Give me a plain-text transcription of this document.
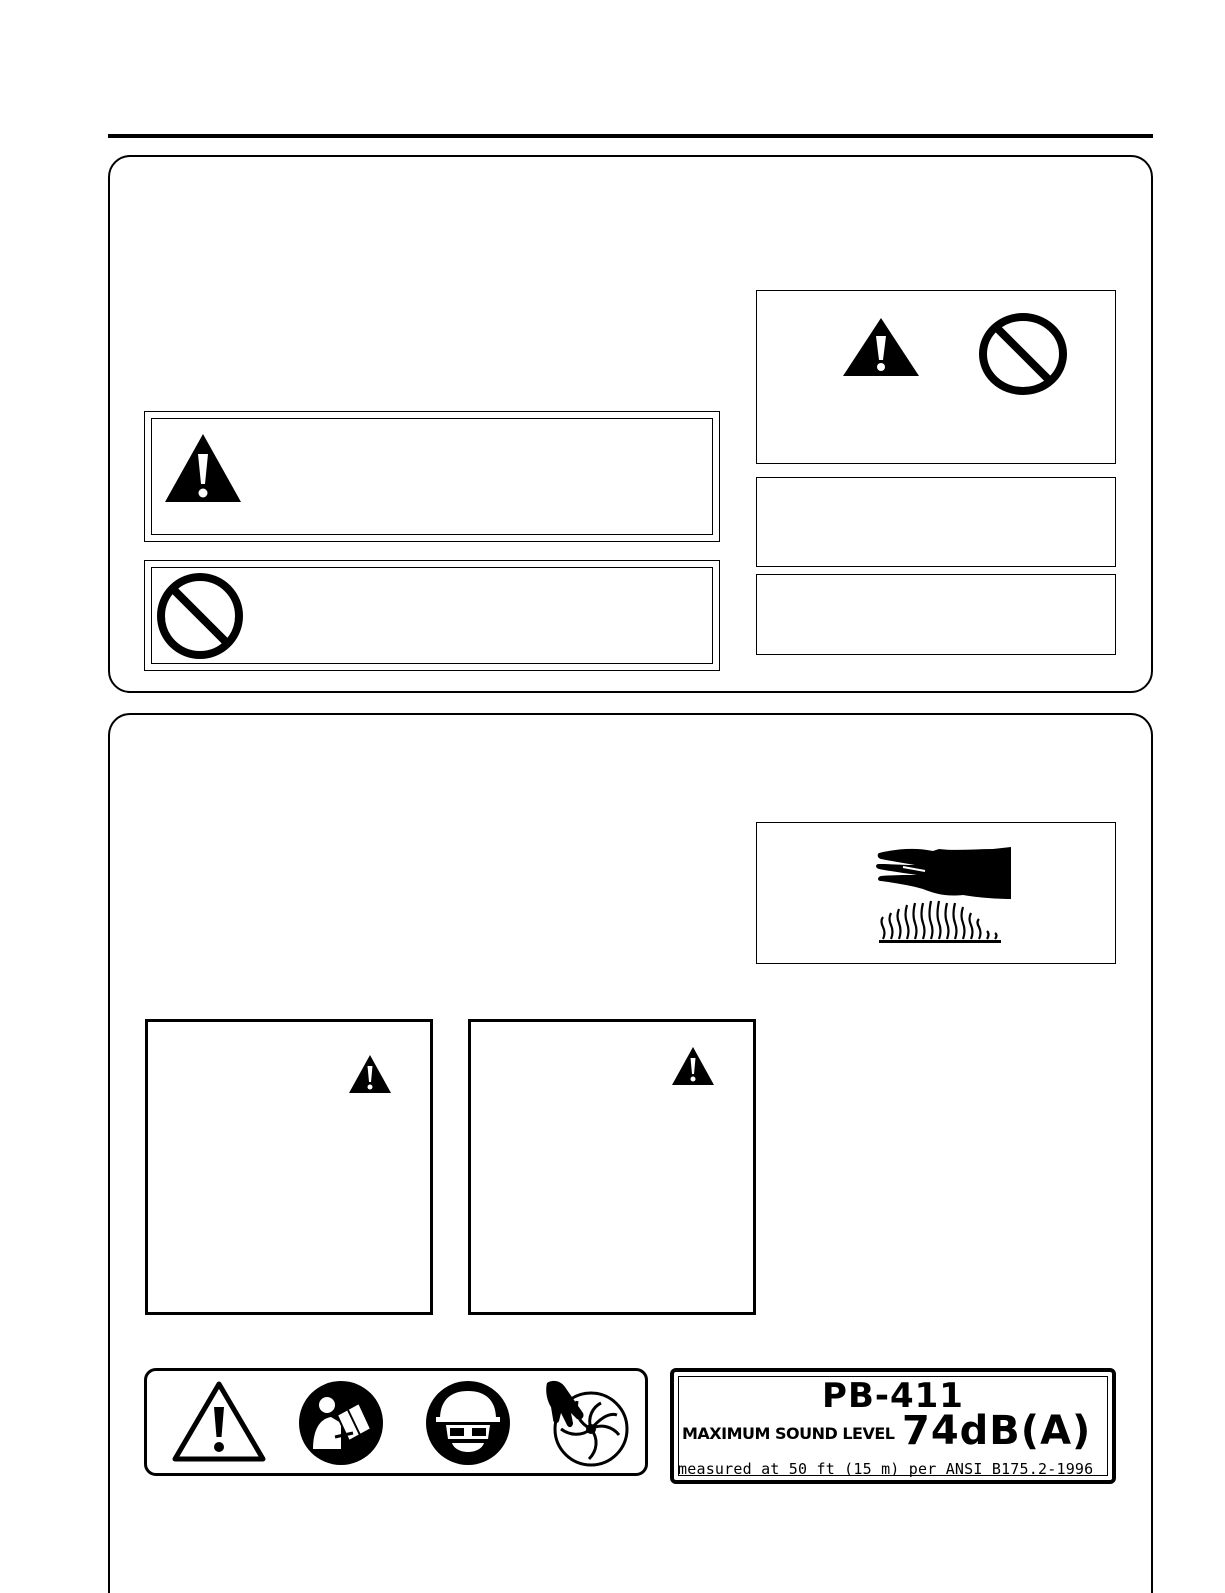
PB-411
MAXIMUM SOUND LEVEL 74dB(A)
measured at 50 ft (15 m) per ANSI B175.2-1996
